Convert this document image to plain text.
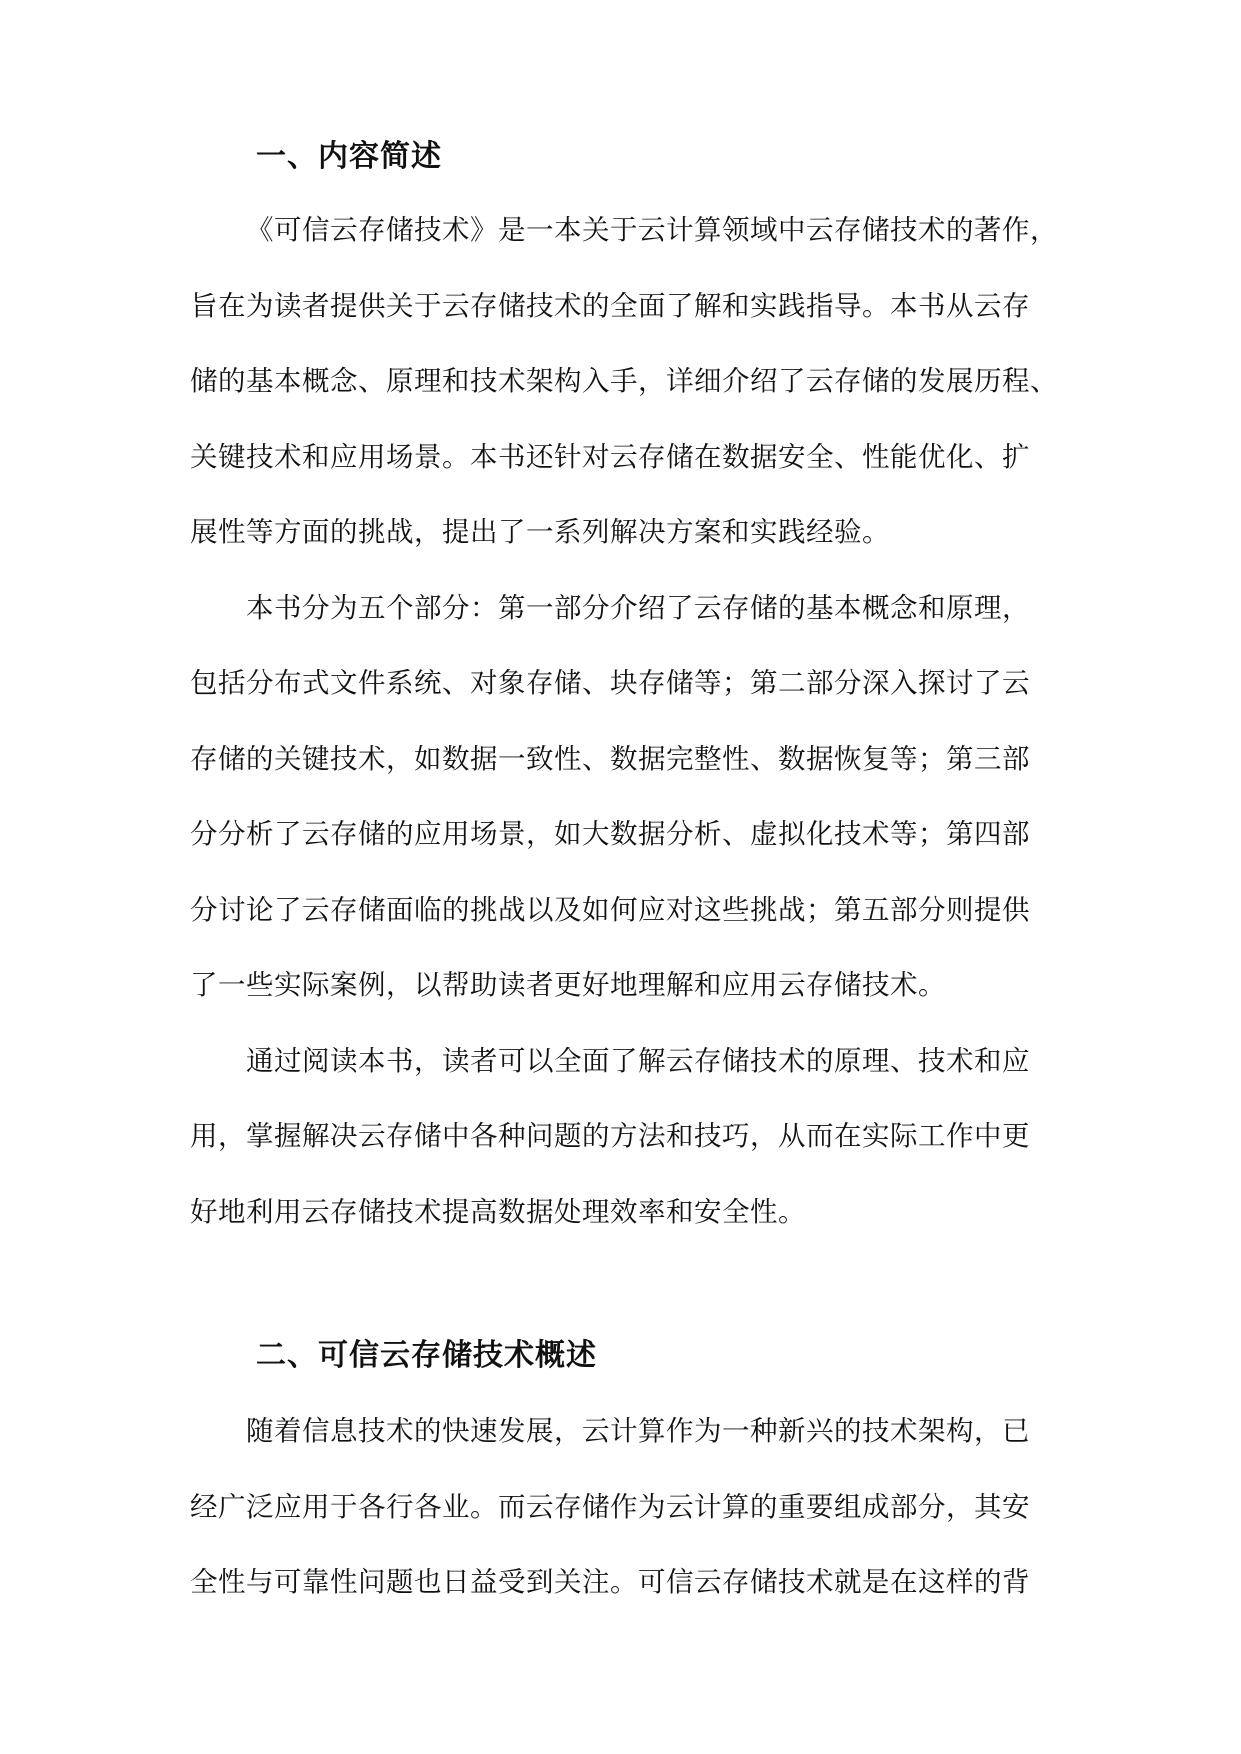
一、内容简述
《可信云存储技术》是一本关于云计算领域中云存储技术的著作，
旨在为读者提供关于云存储技术的全面了解和实践指导。本书从云存
储的基本概念、原理和技术架构入手，详细介绍了云存储的发展历程、
关键技术和应用场景。本书还针对云存储在数据安全、性能优化、扩
展性等方面的挑战，提出了一系列解决方案和实践经验。
本书分为五个部分：第一部分介绍了云存储的基本概念和原理，
包括分布式文件系统、对象存储、块存储等；第二部分深入探讨了云
存储的关键技术，如数据一致性、数据完整性、数据恢复等；第三部
分分析了云存储的应用场景，如大数据分析、虚拟化技术等；第四部
分讨论了云存储面临的挑战以及如何应对这些挑战；第五部分则提供
了一些实际案例，以帮助读者更好地理解和应用云存储技术。
通过阅读本书，读者可以全面了解云存储技术的原理、技术和应
用，掌握解决云存储中各种问题的方法和技巧，从而在实际工作中更
好地利用云存储技术提高数据处理效率和安全性。
二、可信云存储技术概述
随着信息技术的快速发展，云计算作为一种新兴的技术架构，已
经广泛应用于各行各业。而云存储作为云计算的重要组成部分，其安
全性与可靠性问题也日益受到关注。可信云存储技术就是在这样的背
